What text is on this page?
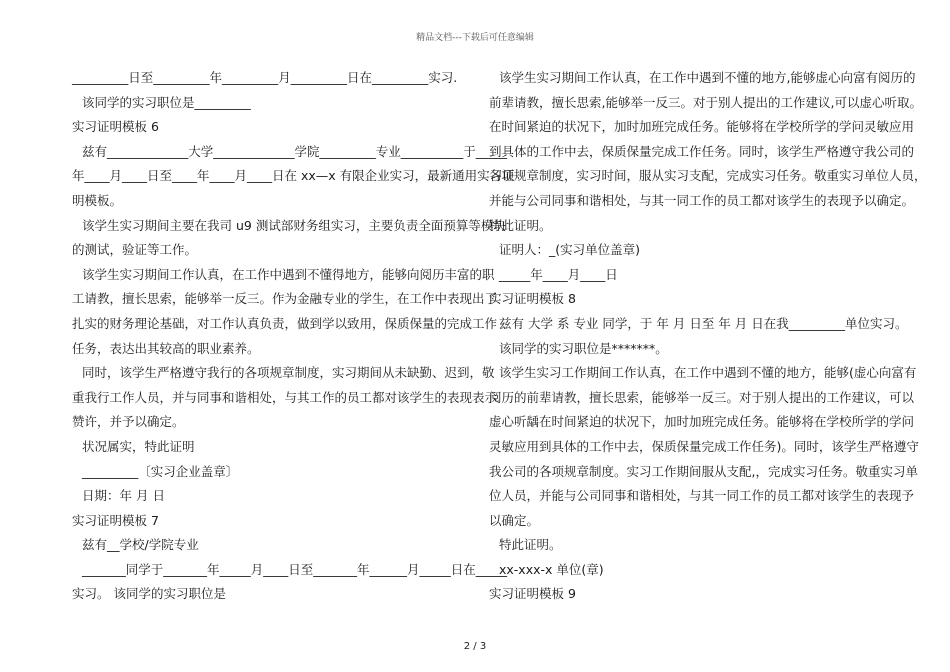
精品文档---下载后可任意编辑
_________日至_________年_________月_________日在_________实习.
该同学的实习职位是_________
实习证明模板 6
兹有_____________大学_____________学院_________专业__________于_____
年____月____日至____年____月____日在 xx—x 有限企业实习，最新通用实习证
明模板。
该学生实习期间主要在我司 u9 测试部财务组实习，主要负责全面预算等模块
的测试，验证等工作。
该学生实习期间工作认真，在工作中遇到不懂得地方，能够向阅历丰富的职
工请教，擅长思索，能够举一反三。作为金融专业的学生，在工作中表现出了
扎实的财务理论基础，对工作认真负责，做到学以致用，保质保量的完成工作
任务，表达出其较高的职业素养。
同时，该学生严格遵守我行的各项规章制度，实习期间从未缺勤、迟到，敬
重我行工作人员，并与同事和谐相处，与其工作的员工都对该学生的表现表示
赞许，并予以确定。
状况属实，特此证明
_________〔实习企业盖章〕
日期：年 月 日
实习证明模板 7
兹有__学校/学院专业
_______同学于_______年_____月____日至_______年______月_____日在_____
实习。 该同学的实习职位是
该学生实习期间工作认真，在工作中遇到不懂的地方,能够虚心向富有阅历的
前辈请教，擅长思索,能够举一反三。对于别人提出的工作建议,可以虚心听取。
在时间紧迫的状况下，加时加班完成任务。能够将在学校所学的学问灵敏应用
到具体的工作中去，保质保量完成工作任务。同时，该学生严格遵守我公司的
各项规章制度，实习时间，服从实习支配，完成实习任务。敬重实习单位人员，
并能与公司同事和谐相处，与其一同工作的员工都对该学生的表现予以确定。
特此证明。
证明人：_(实习单位盖章)
_____年____月____日
实习证明模板 8
兹有 大学 系 专业 同学，于 年 月 日至 年 月 日在我_________单位实习。
该同学的实习职位是*******。
该学生实习工作期间工作认真，在工作中遇到不懂的地方，能够(虚心向富有
阅历的前辈请教，擅长思索，能够举一反三。对于别人提出的工作建议，可以
虚心听龋在时间紧迫的状况下，加时加班完成任务。能够将在学校所学的学问
灵敏应用到具体的工作中去，保质保量完成工作任务)。同时，该学生严格遵守
我公司的各项规章制度。实习工作期间服从支配,，完成实习任务。敬重实习单
位人员，并能与公司同事和谐相处，与其一同工作的员工都对该学生的表现予
以确定。
特此证明。
xx-xxx-x 单位(章)
实习证明模板 9
2 / 3
